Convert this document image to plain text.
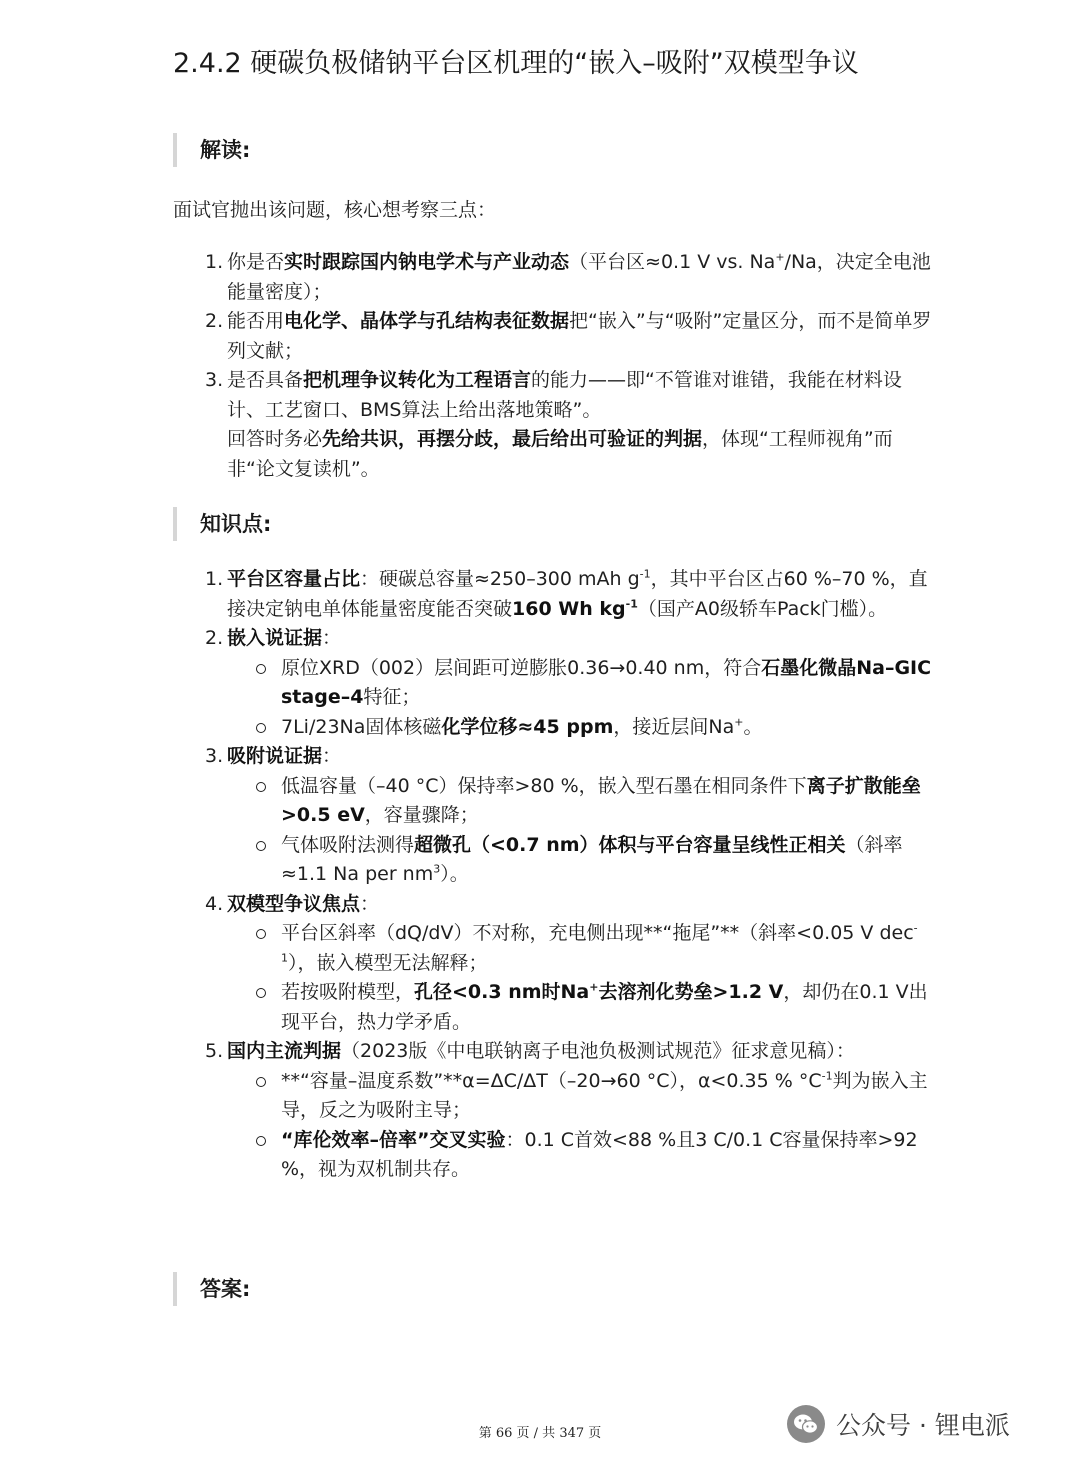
2.4.2 硬碳负极储钠平台区机理的“嵌入–吸附”双模型争议
解读:
面试官抛出该问题，核心想考察三点：
1. 你是否实时跟踪国内钠电学术与产业动态（平台区≈0.1 V vs. Na+/Na，决定全电池能量密度）；
2. 能否用电化学、晶体学与孔结构表征数据把“嵌入”与“吸附”定量区分，而不是简单罗列文献；
3. 是否具备把机理争议转化为工程语言的能力——即“不管谁对谁错，我能在材料设计、工艺窗口、BMS算法上给出落地策略”。
回答时务必先给共识，再摆分歧，最后给出可验证的判据，体现“工程师视角”而非“论文复读机”。
知识点:
1. 平台区容量占比：硬碳总容量≈250–300 mAh $g^{-1}$，其中平台区占60 %–70 %，直接决定钠电单体能量密度能否突破160 Wh $kg^{-1}$（国产A0级轿车Pack门槛）。
2. 嵌入说证据：
原位XRD（002）层间距可逆膨胀0.36→0.40 nm，符合石墨化微晶Na–GIC stage–4特征；
7Li/23Na固体核磁化学位移≈45 ppm，接近层间Na+。
3. 吸附说证据：
低温容量（–40 °C）保持率>80 %，嵌入型石墨在相同条件下离子扩散能垒>0.5 eV，容量骤降；
气体吸附法测得超微孔（<0.7 nm）体积与平台容量呈线性正相关（斜率≈1.1 Na per $nm^3$）。
4. 双模型争议焦点：
平台区斜率（dQ/dV）不对称，充电侧出现**“拖尾”**（斜率<0.05 V dec$^{-1}$），嵌入模型无法解释；
若按吸附模型，孔径<0.3 nm时Na+去溶剂化势垒>1.2 V，却仍在0.1 V出现平台，热力学矛盾。
5. 国内主流判据（2023版《中电联钠离子电池负极测试规范》征求意见稿）：
**“容量–温度系数”**α=ΔC/ΔT（–20→60 °C），α<0.35 % $^\circ C^{-1}$判为嵌入主导，反之为吸附主导；
“库伦效率–倍率”交叉实验：0.1 C首效<88 %且3 C/0.1 C容量保持率>92 %，视为双机制共存。
答案:
第 66 页 / 共 347 页	公众号 · 锂电派
